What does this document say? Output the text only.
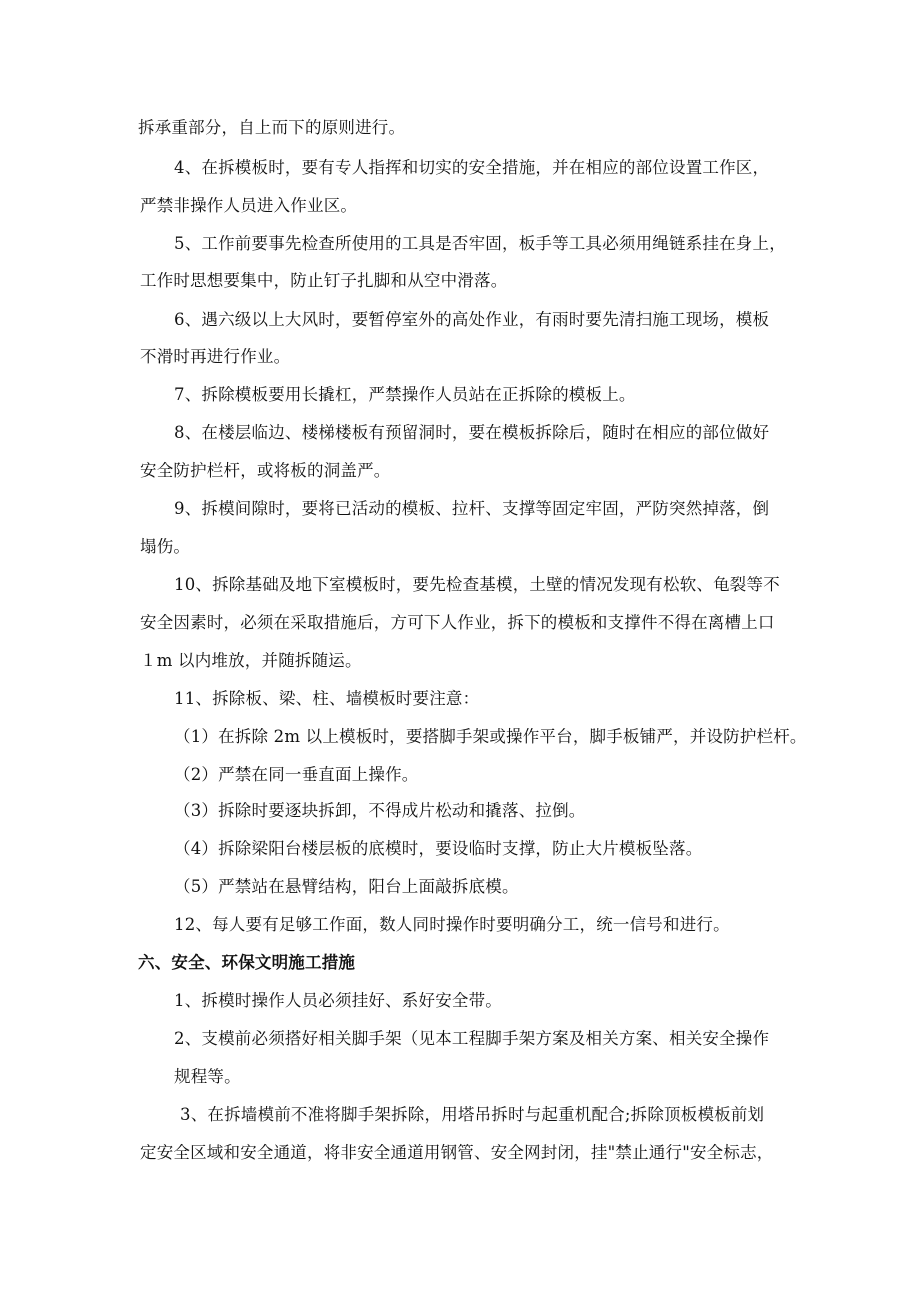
拆承重部分，自上而下的原则进行。
4、在拆模板时，要有专人指挥和切实的安全措施，并在相应的部位设置工作区，
严禁非操作人员进入作业区。
5、工作前要事先检查所使用的工具是否牢固，板手等工具必须用绳链系挂在身上，
工作时思想要集中，防止钉子扎脚和从空中滑落。
6、遇六级以上大风时，要暂停室外的高处作业，有雨时要先清扫施工现场，模板
不滑时再进行作业。
7、拆除模板要用长撬杠，严禁操作人员站在正拆除的模板上。
8、在楼层临边、楼梯楼板有预留洞时，要在模板拆除后，随时在相应的部位做好
安全防护栏杆，或将板的洞盖严。
9、拆模间隙时，要将已活动的模板、拉杆、支撑等固定牢固，严防突然掉落，倒
塌伤。
10、拆除基础及地下室模板时，要先检查基模，土壁的情况发现有松软、龟裂等不
安全因素时，必须在采取措施后，方可下人作业，拆下的模板和支撑件不得在离槽上口
１m 以内堆放，并随拆随运。
11、拆除板、梁、柱、墙模板时要注意：
（1）在拆除 2m 以上模板时，要搭脚手架或操作平台，脚手板铺严，并设防护栏杆。
（2）严禁在同一垂直面上操作。
（3）拆除时要逐块拆卸，不得成片松动和撬落、拉倒。
（4）拆除梁阳台楼层板的底模时，要设临时支撑，防止大片模板坠落。
（5）严禁站在悬臂结构，阳台上面敲拆底模。
12、每人要有足够工作面，数人同时操作时要明确分工，统一信号和进行。
六、安全、环保文明施工措施
1、拆模时操作人员必须挂好、系好安全带。
2、支模前必须搭好相关脚手架（见本工程脚手架方案及相关方案、相关安全操作
规程等。
3、在拆墙模前不准将脚手架拆除，用塔吊拆时与起重机配合;拆除顶板模板前划
定安全区域和安全通道，将非安全通道用钢管、安全网封闭，挂"禁止通行"安全标志，
